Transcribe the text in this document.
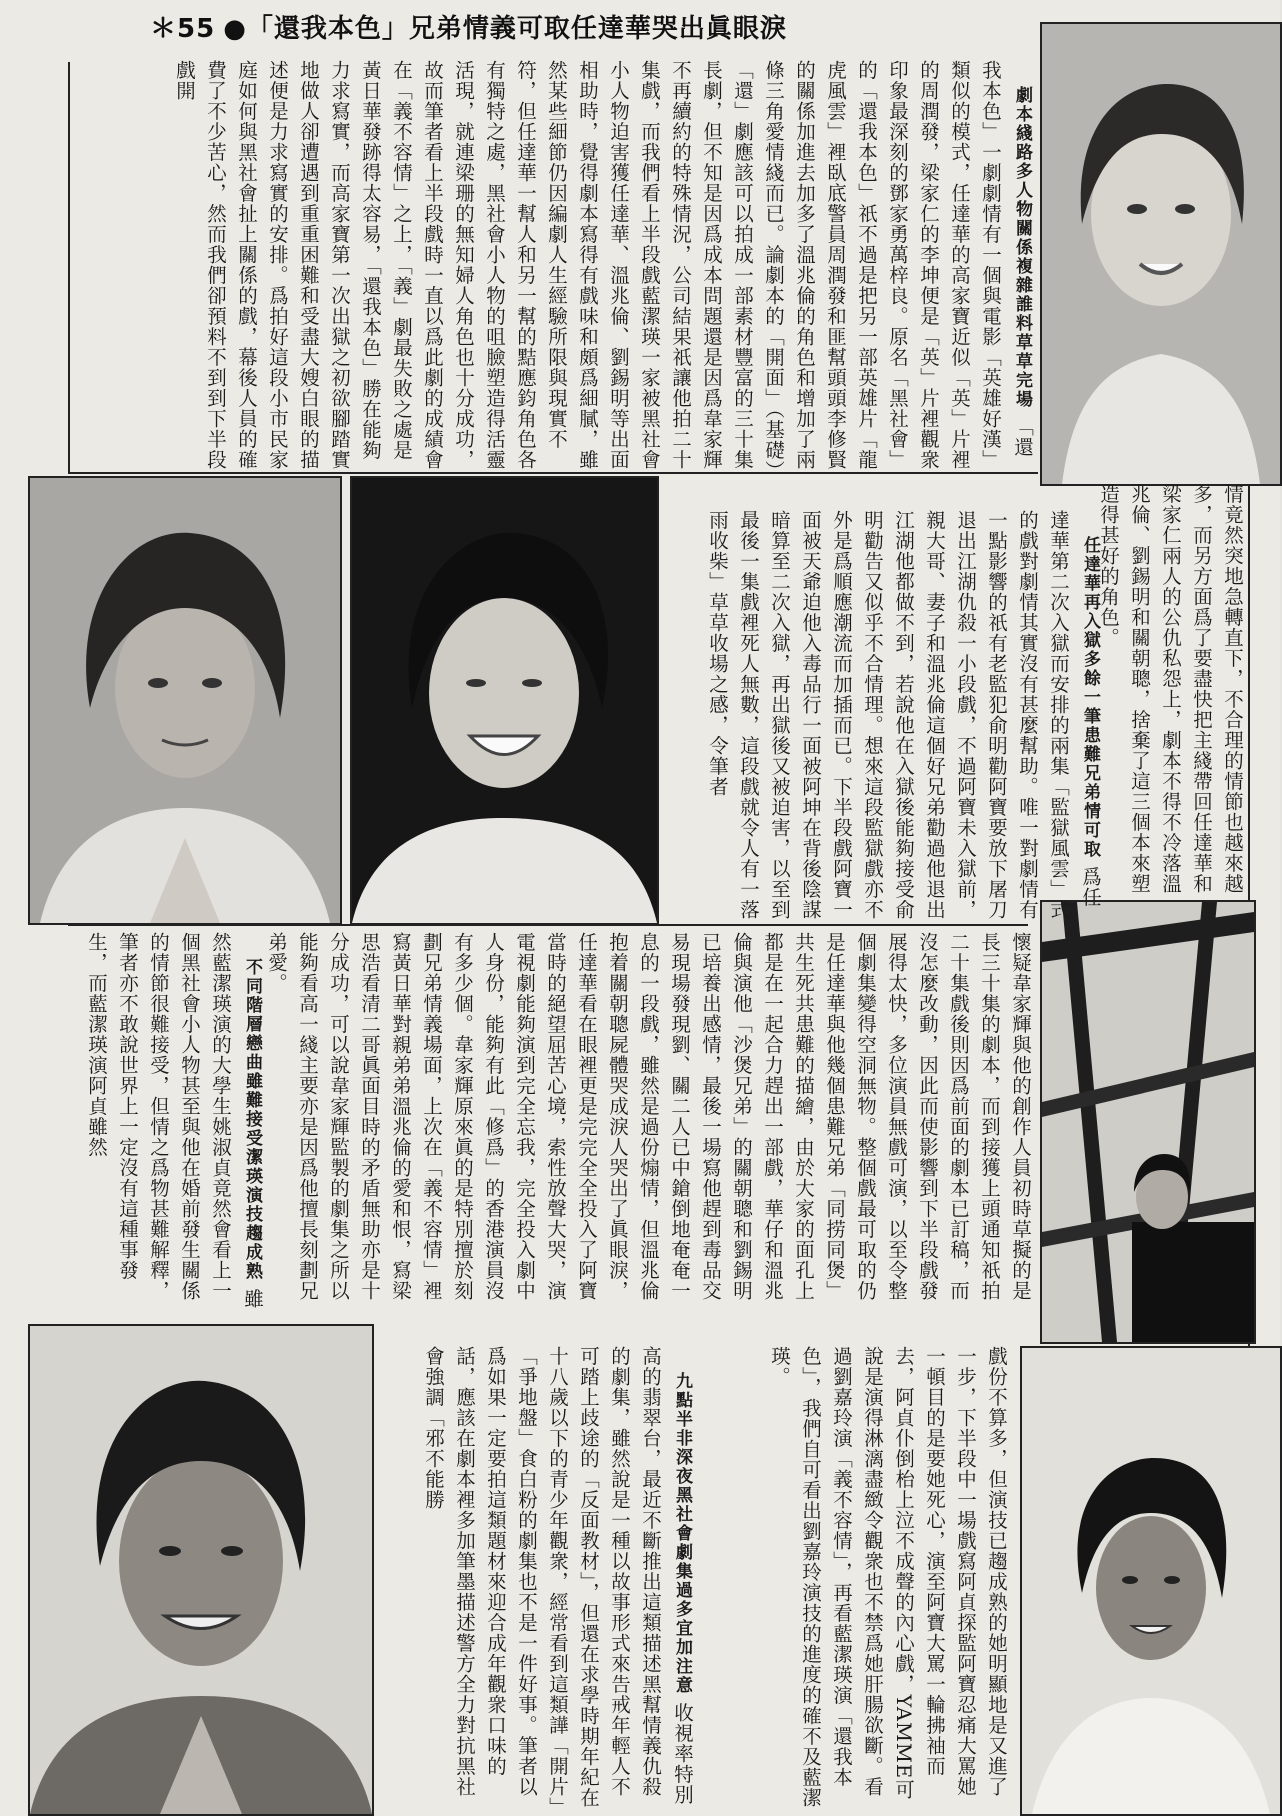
＊55 ●「還我本色」兄弟情義可取任達華哭出眞眼淚
劇本綫路多人物關係複雜誰料草草完場 「還我本色」一劇劇情有一個與電影「英雄好漢」類似的模式，任達華的高家寶近似「英」片裡的周潤發，梁家仁的李坤便是「英」片裡觀衆印象最深刻的鄧家勇萬梓良。原名「黑社會」的「還我本色」祇不過是把另一部英雄片「龍虎風雲」裡臥底警員周潤發和匪幫頭頭李修賢的關係加進去加多了溫兆倫的角色和增加了兩條三角愛情綫而已。論劇本的「開面」（基礎）「還」劇應該可以拍成一部素材豐富的三十集長劇，但不知是因爲成本問題還是因爲韋家輝不再續約的特殊情況，公司結果祇讓他拍二十集戲，而我們看上半段戲藍潔瑛一家被黑社會小人物迫害獲任達華、溫兆倫、劉錫明等出面相助時，覺得劇本寫得有戲味和頗爲細膩，雖然某些細節仍因編劇人生經驗所限與現實不符，但任達華一幫人和另一幫的黠應鈞角色各有獨特之處，黑社會小人物的咀臉塑造得活靈活現，就連梁珊的無知婦人角色也十分成功，故而筆者看上半段戲時一直以爲此劇的成績會在「義不容情」之上，「義」劇最失敗之處是黃日華發跡得太容易，「還我本色」勝在能夠力求寫實，而高家寶第一次出獄之初欲腳踏實地做人卻遭遇到重重困難和受盡大嫂白眼的描述便是力求寫實的安排。爲拍好這段小市民家庭如何與黑社會扯上關係的戲，幕後人員的確費了不少苦心，然而我們卻預料不到到下半段戲開
情竟然突地急轉直下，不合理的情節也越來越多，而另方面爲了要盡快把主綫帶回任達華和梁家仁兩人的公仇私怨上，劇本不得不冷落溫兆倫、劉錫明和關朝聰，捨棄了這三個本來塑造得甚好的角色。
任達華再入獄多餘一筆患難兄弟情可取 爲任達華第二次入獄而安排的兩集「監獄風雲」式的戲對劇情其實沒有甚麼幫助。唯一對劇情有一點影響的祇有老監犯俞明勸阿寶要放下屠刀退出江湖仇殺一小段戲，不過阿寶未入獄前，親大哥、妻子和溫兆倫這個好兄弟勸過他退出江湖他都做不到，若說他在入獄後能夠接受俞明勸告又似乎不合情理。想來這段監獄戲亦不外是爲順應潮流而加插而已。下半段戲阿寶一面被天爺迫他入毒品行一面被阿坤在背後陰謀暗算至二次入獄，再出獄後又被迫害，以至到最後一集戲裡死人無數，這段戲就令人有一落雨收柴」草草收場之感，令筆者
懷疑韋家輝與他的創作人員初時草擬的是長三十集的劇本，而到接獲上頭通知祇拍二十集戲後則因爲前面的劇本已訂稿，而沒怎麼改動，因此而使影響到下半段戲發展得太快，多位演員無戲可演，以至令整個劇集變得空洞無物。整個戲最可取的仍是任達華與他幾個患難兄弟「同捞同煲」共生死共患難的描繪，由於大家的面孔上都是在一起合力趕出一部戲，華仔和溫兆倫與演他「沙煲兄弟」的關朝聰和劉錫明已培養出感情，最後一場寫他趕到毒品交易現場發現劉、關二人已中鎗倒地奄奄一息的一段戲，雖然是過份煽情，但溫兆倫抱着關朝聰屍體哭成淚人哭出了眞眼淚，任達華看在眼裡更是完完全全投入了阿寶當時的絕望屈苦心境，索性放聲大哭，演電視劇能夠演到完全忘我，完全投入劇中人身份，能夠有此「修爲」的香港演員沒有多少個。韋家輝原來眞的是特別擅於刻劃兄弟情義場面，上次在「義不容情」裡寫黃日華對親弟弟溫兆倫的愛和恨，寫梁思浩看清二哥眞面目時的矛盾無助亦是十分成功，可以說韋家輝監製的劇集之所以能夠看高一綫主要亦是因爲他擅長刻劃兄弟愛。
不同階層戀曲雖難接受潔瑛演技趨成熟 雖然藍潔瑛演的大學生姚淑貞竟然會看上一個黑社會小人物甚至與他在婚前發生關係的情節很難接受，但情之爲物甚難解釋，筆者亦不敢說世界上一定沒有這種事發生，而藍潔瑛演阿貞雖然
戲份不算多，但演技已趨成熟的她明顯地是又進了一步，下半段中一場戲寫阿貞探監阿寶忍痛大罵她一頓目的是要她死心，演至阿寶大罵一輪拂袖而去，阿貞仆倒枱上泣不成聲的內心戲，YAMME可說是演得淋漓盡緻令觀衆也不禁爲她肝腸欲斷。看過劉嘉玲演「義不容情」，再看藍潔瑛演「還我本色」，我們自可看出劉嘉玲演技的進度的確不及藍潔瑛。
九點半非深夜黑社會劇集過多宜加注意 收視率特別高的翡翠台，最近不斷推出這類描述黑幫情義仇殺的劇集，雖然說是一種以故事形式來告戒年輕人不可踏上歧途的「反面教材」，但還在求學時期年紀在十八歲以下的青少年觀衆，經常看到這類譁「開片」「爭地盤」食白粉的劇集也不是一件好事。筆者以爲如果一定要拍這類題材來迎合成年觀衆口味的話，應該在劇本裡多加筆墨描述警方全力對抗黑社會強調「邪不能勝
